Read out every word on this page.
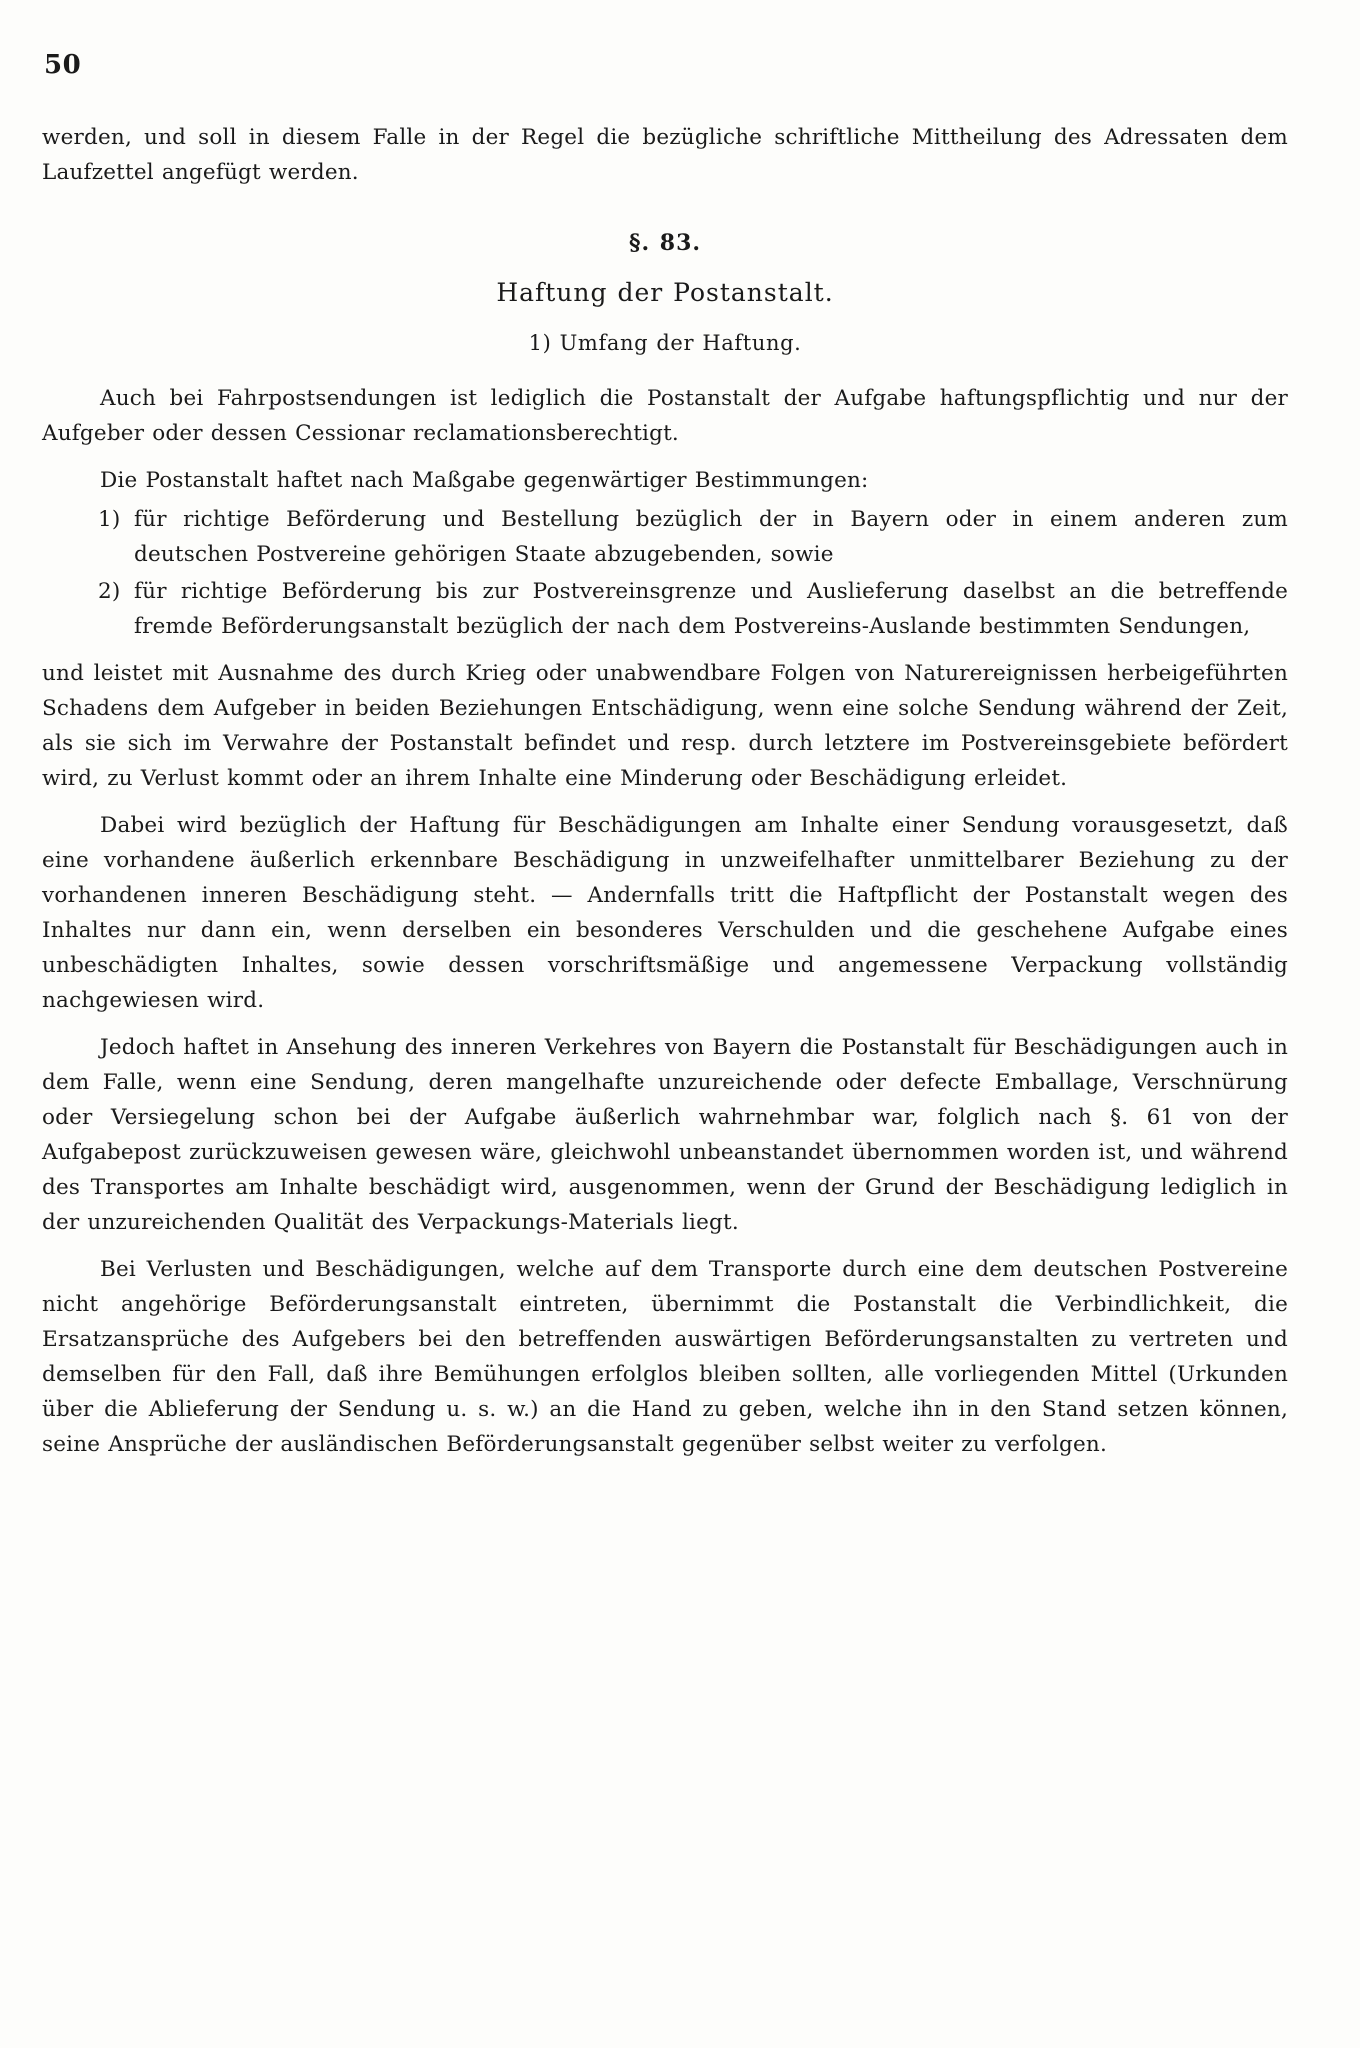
50

werden, und soll in diesem Falle in der Regel die bezügliche schriftliche Mittheilung des Adressaten dem Laufzettel angefügt werden.

§. 83.

Haftung der Postanstalt.

1) Umfang der Haftung.

Auch bei Fahrpostsendungen ist lediglich die Postanstalt der Aufgabe haftungspflichtig und nur der Aufgeber oder dessen Cessionar reclamationsberechtigt.

Die Postanstalt haftet nach Maßgabe gegenwärtiger Bestimmungen:

1) für richtige Beförderung und Bestellung bezüglich der in Bayern oder in einem anderen zum deutschen Postvereine gehörigen Staate abzugebenden, sowie
2) für richtige Beförderung bis zur Postvereinsgrenze und Auslieferung daselbst an die betreffende fremde Beförderungsanstalt bezüglich der nach dem Postvereins-Auslande bestimmten Sendungen,

und leistet mit Ausnahme des durch Krieg oder unabwendbare Folgen von Naturereignissen herbeigeführten Schadens dem Aufgeber in beiden Beziehungen Entschädigung, wenn eine solche Sendung während der Zeit, als sie sich im Verwahre der Postanstalt befindet und resp. durch letztere im Postvereinsgebiete befördert wird, zu Verlust kommt oder an ihrem Inhalte eine Minderung oder Beschädigung erleidet.

Dabei wird bezüglich der Haftung für Beschädigungen am Inhalte einer Sendung vorausgesetzt, daß eine vorhandene äußerlich erkennbare Beschädigung in unzweifelhafter unmittelbarer Beziehung zu der vorhandenen inneren Beschädigung steht. — Andernfalls tritt die Haftpflicht der Postanstalt wegen des Inhaltes nur dann ein, wenn derselben ein besonderes Verschulden und die geschehene Aufgabe eines unbeschädigten Inhaltes, sowie dessen vorschriftsmäßige und angemessene Verpackung vollständig nachgewiesen wird.

Jedoch haftet in Ansehung des inneren Verkehres von Bayern die Postanstalt für Beschädigungen auch in dem Falle, wenn eine Sendung, deren mangelhafte unzureichende oder defecte Emballage, Verschnürung oder Versiegelung schon bei der Aufgabe äußerlich wahrnehmbar war, folglich nach §. 61 von der Aufgabepost zurückzuweisen gewesen wäre, gleichwohl unbeanstandet übernommen worden ist, und während des Transportes am Inhalte beschädigt wird, ausgenommen, wenn der Grund der Beschädigung lediglich in der unzureichenden Qualität des Verpackungs-Materials liegt.

Bei Verlusten und Beschädigungen, welche auf dem Transporte durch eine dem deutschen Postvereine nicht angehörige Beförderungsanstalt eintreten, übernimmt die Postanstalt die Verbindlichkeit, die Ersatzansprüche des Aufgebers bei den betreffenden auswärtigen Beförderungsanstalten zu vertreten und demselben für den Fall, daß ihre Bemühungen erfolglos bleiben sollten, alle vorliegenden Mittel (Urkunden über die Ablieferung der Sendung u. s. w.) an die Hand zu geben, welche ihn in den Stand setzen können, seine Ansprüche der ausländischen Beförderungsanstalt gegenüber selbst weiter zu verfolgen.
